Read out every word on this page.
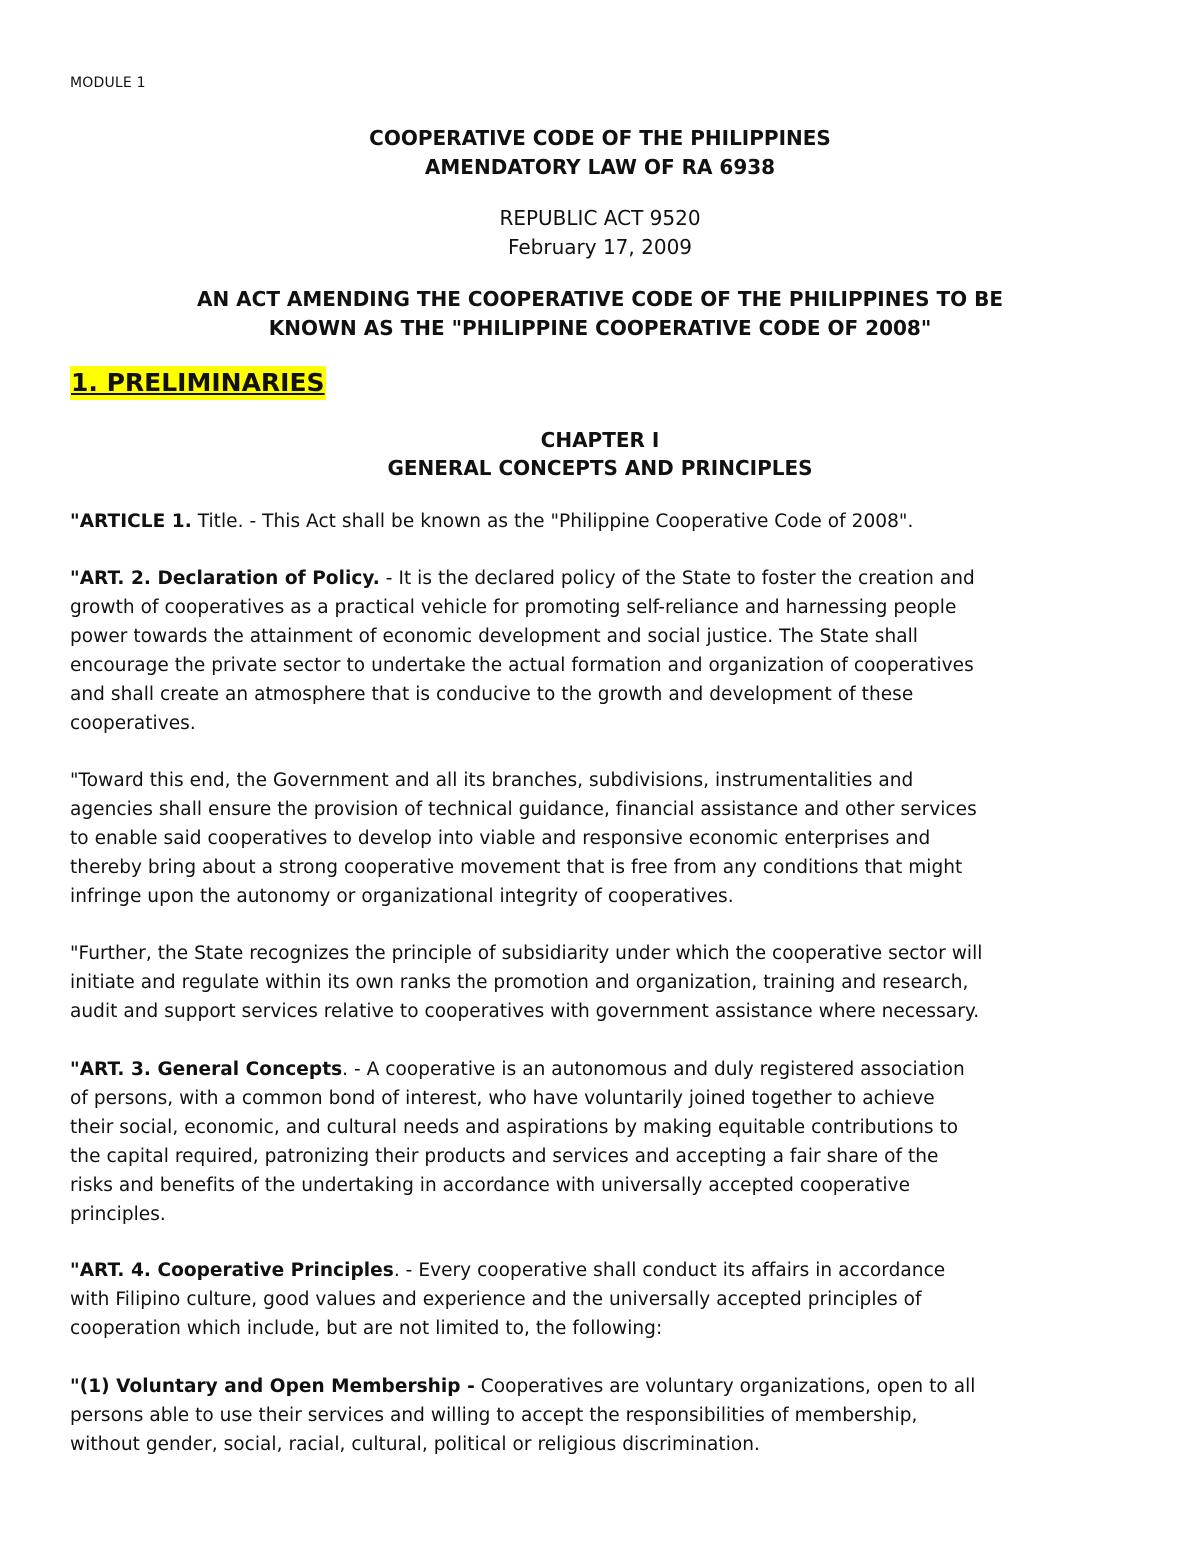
MODULE 1
COOPERATIVE CODE OF THE PHILIPPINES
AMENDATORY LAW OF RA 6938
REPUBLIC ACT 9520
February 17, 2009
AN ACT AMENDING THE COOPERATIVE CODE OF THE PHILIPPINES TO BE
KNOWN AS THE "PHILIPPINE COOPERATIVE CODE OF 2008"
1. PRELIMINARIES
CHAPTER I
GENERAL CONCEPTS AND PRINCIPLES
"ARTICLE 1. Title. - This Act shall be known as the "Philippine Cooperative Code of 2008".
"ART. 2. Declaration of Policy. - It is the declared policy of the State to foster the creation and
growth of cooperatives as a practical vehicle for promoting self-reliance and harnessing people
power towards the attainment of economic development and social justice. The State shall
encourage the private sector to undertake the actual formation and organization of cooperatives
and shall create an atmosphere that is conducive to the growth and development of these
cooperatives.
"Toward this end, the Government and all its branches, subdivisions, instrumentalities and
agencies shall ensure the provision of technical guidance, financial assistance and other services
to enable said cooperatives to develop into viable and responsive economic enterprises and
thereby bring about a strong cooperative movement that is free from any conditions that might
infringe upon the autonomy or organizational integrity of cooperatives.
"Further, the State recognizes the principle of subsidiarity under which the cooperative sector will
initiate and regulate within its own ranks the promotion and organization, training and research,
audit and support services relative to cooperatives with government assistance where necessary.
"ART. 3. General Concepts. - A cooperative is an autonomous and duly registered association
of persons, with a common bond of interest, who have voluntarily joined together to achieve
their social, economic, and cultural needs and aspirations by making equitable contributions to
the capital required, patronizing their products and services and accepting a fair share of the
risks and benefits of the undertaking in accordance with universally accepted cooperative
principles.
"ART. 4. Cooperative Principles. - Every cooperative shall conduct its affairs in accordance
with Filipino culture, good values and experience and the universally accepted principles of
cooperation which include, but are not limited to, the following:
"(1) Voluntary and Open Membership - Cooperatives are voluntary organizations, open to all
persons able to use their services and willing to accept the responsibilities of membership,
without gender, social, racial, cultural, political or religious discrimination.
